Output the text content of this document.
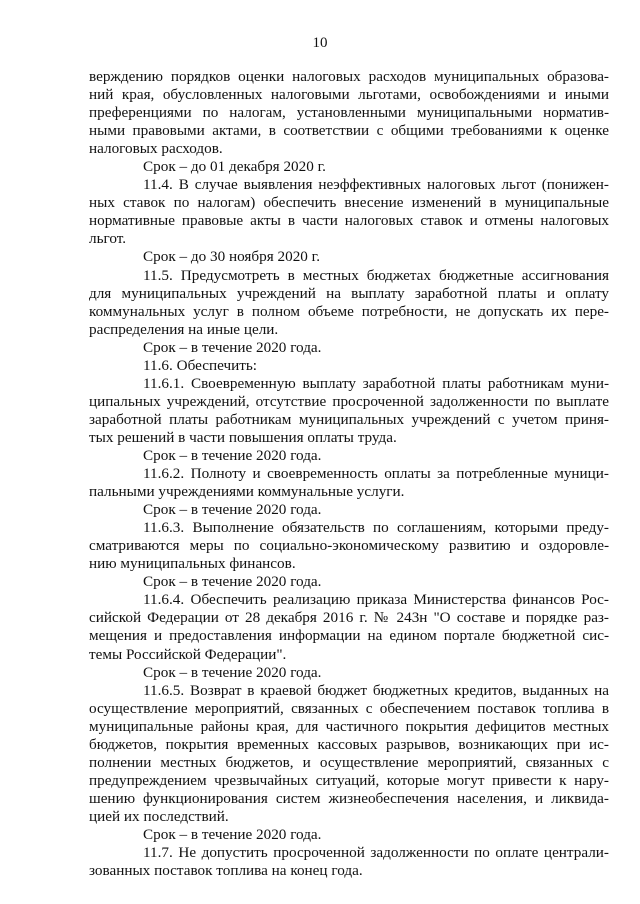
10
верждению порядков оценки налоговых расходов муниципальных образова-
ний края, обусловленных налоговыми льготами, освобождениями и иными
преференциями по налогам, установленными муниципальными норматив-
ными правовыми актами, в соответствии с общими требованиями к оценке
налоговых расходов.
Срок – до 01 декабря 2020 г.
11.4. В случае выявления неэффективных налоговых льгот (понижен-
ных ставок по налогам) обеспечить внесение изменений в муниципальные
нормативные правовые акты в части налоговых ставок и отмены налоговых
льгот.
Срок – до 30 ноября 2020 г.
11.5. Предусмотреть в местных бюджетах бюджетные ассигнования
для муниципальных учреждений на выплату заработной платы и оплату
коммунальных услуг в полном объеме потребности, не допускать их пере-
распределения на иные цели.
Срок – в течение 2020 года.
11.6. Обеспечить:
11.6.1. Своевременную выплату заработной платы работникам муни-
ципальных учреждений, отсутствие просроченной задолженности по выплате
заработной платы работникам муниципальных учреждений с учетом приня-
тых решений в части повышения оплаты труда.
Срок – в течение 2020 года.
11.6.2. Полноту и своевременность оплаты за потребленные муници-
пальными учреждениями коммунальные услуги.
Срок – в течение 2020 года.
11.6.3. Выполнение обязательств по соглашениям, которыми преду-
сматриваются меры по социально-экономическому развитию и оздоровле-
нию муниципальных финансов.
Срок – в течение 2020 года.
11.6.4. Обеспечить реализацию приказа Министерства финансов Рос-
сийской Федерации от 28 декабря 2016 г. № 243н "О составе и порядке раз-
мещения и предоставления информации на едином портале бюджетной сис-
темы Российской Федерации".
Срок – в течение 2020 года.
11.6.5. Возврат в краевой бюджет бюджетных кредитов, выданных на
осуществление мероприятий, связанных с обеспечением поставок топлива в
муниципальные районы края, для частичного покрытия дефицитов местных
бюджетов, покрытия временных кассовых разрывов, возникающих при ис-
полнении местных бюджетов, и осуществление мероприятий, связанных с
предупреждением чрезвычайных ситуаций, которые могут привести к нару-
шению функционирования систем жизнеобеспечения населения, и ликвида-
цией их последствий.
Срок – в течение 2020 года.
11.7. Не допустить просроченной задолженности по оплате централи-
зованных поставок топлива на конец года.
